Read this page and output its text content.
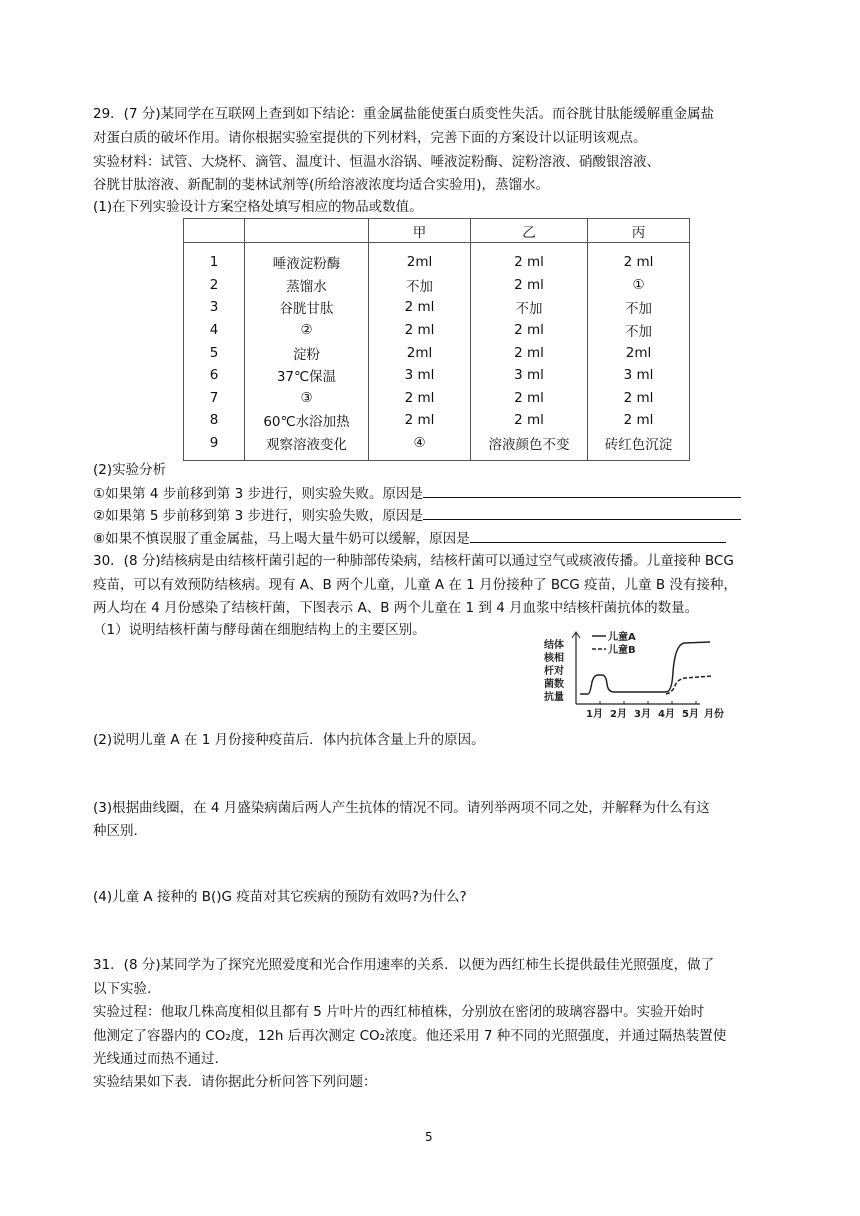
29．(7 分)某同学在互联网上查到如下结论：重金属盐能使蛋白质变性失活。而谷胱甘肽能缓解重金属盐
对蛋白质的破坏作用。请你根据实验室提供的下列材料，完善下面的方案设计以证明该观点。
实验材料：试管、大烧杯、滴管、温度计、恒温水浴锅、唾液淀粉酶、淀粉溶液、硝酸银溶液、
谷胱甘肽溶液、新配制的斐林试剂等(所给溶液浓度均适合实验用)，蒸馏水。
(1)在下列实验设计方案空格处填写相应的物品或数值。
		甲	乙	丙
1	唾液淀粉酶	2ml	2 ml	2 ml
2	蒸馏水	不加	2 ml	①
3	谷胱甘肽	2 ml	不加	不加
4	②	2 ml	2 ml	不加
5	淀粉	2ml	2 ml	2ml
6	37℃保温	3 ml	3 ml	3 ml
7	③	2 ml	2 ml	2 ml
8	60℃水浴加热	2 ml	2 ml	2 ml
9	观察溶液变化	④	溶液颜色不变	砖红色沉淀
(2)实验分析
①如果第 4 步前移到第 3 步进行，则实验失败。原因是
②如果第 5 步前移到第 3 步进行，则实验失败，原因是
⑧如果不慎误服了重金属盐，马上喝大量牛奶可以缓解，原因是
30．(8 分)结核病是由结核杆菌引起的一种肺部传染病，结核杆菌可以通过空气或痰液传播。儿童接种 BCG
疫苗，可以有效预防结核病。现有 A、B 两个儿童，儿童 A 在 1 月份接种了 BCG 疫苗，儿童 B 没有接种，
两人均在 4 月份感染了结核杆菌，下图表示 A、B 两个儿童在 1 到 4 月血浆中结核杆菌抗体的数量。
（1）说明结核杆菌与酵母菌在细胞结构上的主要区别。
结体
核相
杆对
菌数
抗量
1月 2月 3月 4月 5月 月份
儿童A
儿童B
(2)说明儿童 A 在 1 月份接种疫苗后．体内抗体含量上升的原因。
(3)根据曲线圈，在 4 月盛染病菌后两人产生抗体的情况不同。请列举两项不同之处，并解释为什么有这
种区别.
(4)儿童 A 接种的 B()G 疫苗对其它疾病的预防有效吗?为什么?
31．(8 分)某同学为了探究光照爱度和光合作用速率的关系．以便为西红柿生长提供最佳光照强度，做了
以下实验.
实验过程：他取几株高度相似且都有 5 片叶片的西红柿植株，分别放在密闭的玻璃容器中。实验开始时
他测定了容器内的 CO₂度，12h 后再次测定 CO₂浓度。他还采用 7 种不同的光照强度，并通过隔热装置使
光线通过而热不通过.
实验结果如下表．请你据此分析问答下列问题：
5
